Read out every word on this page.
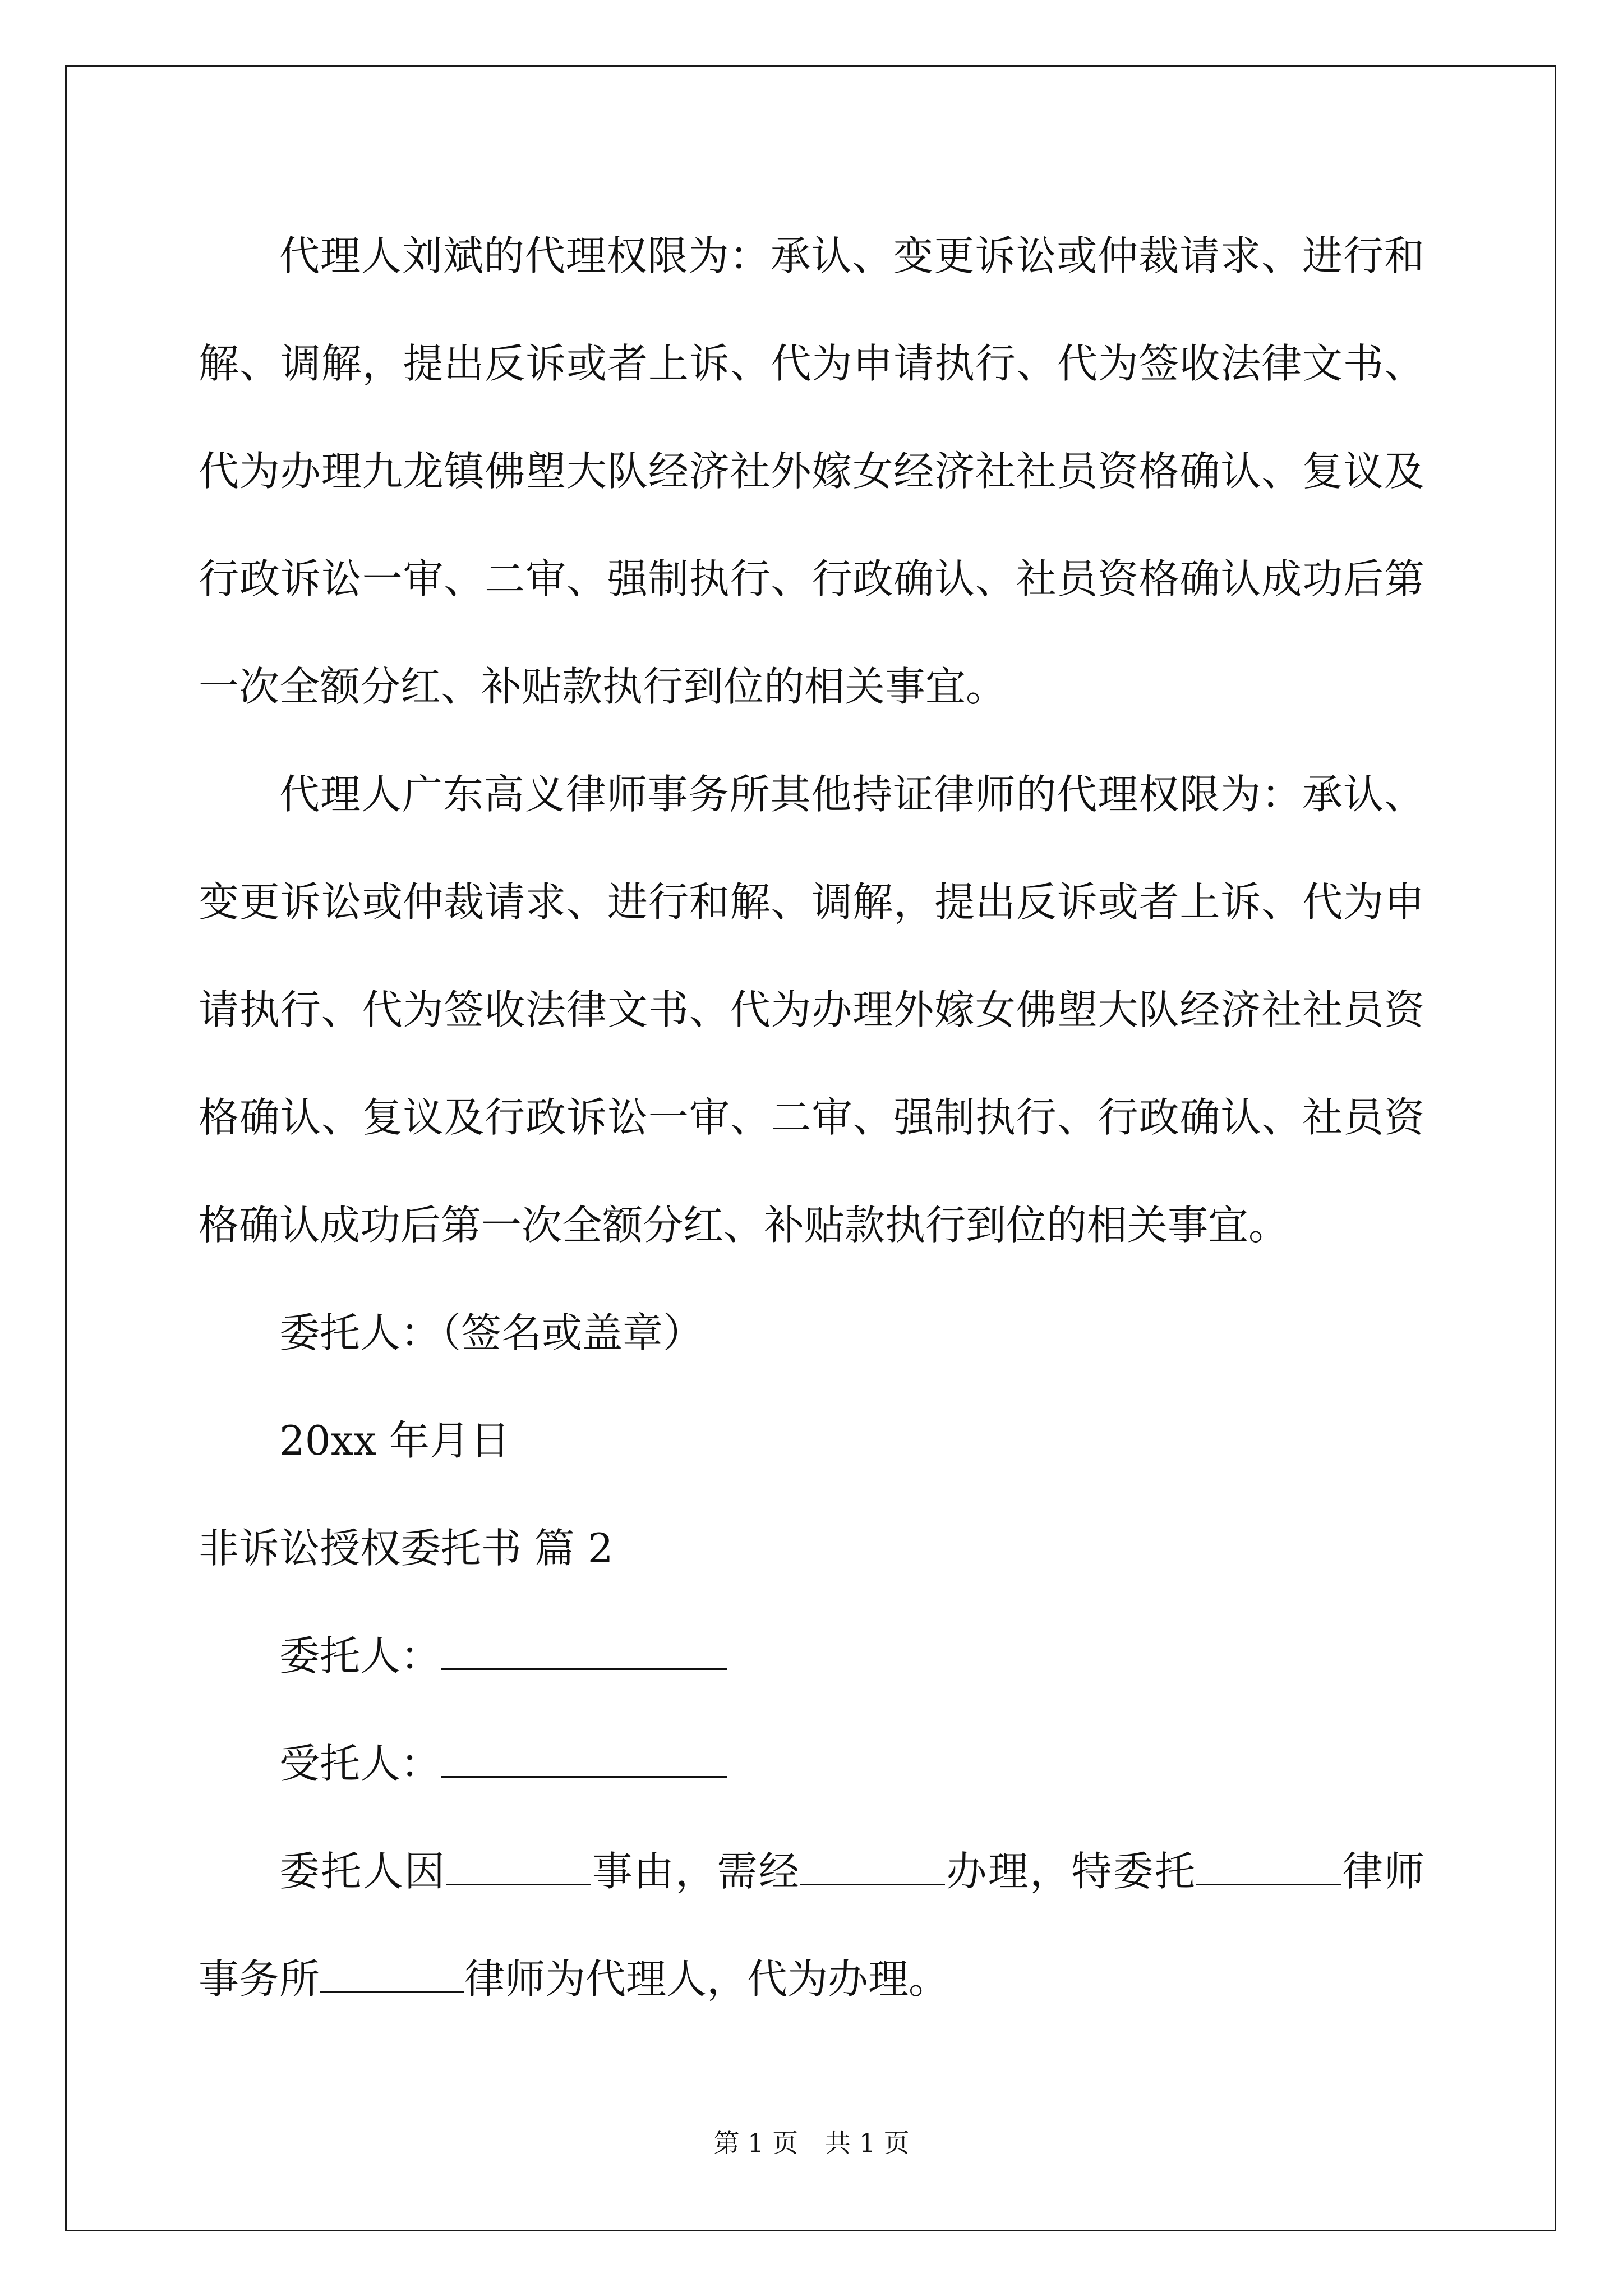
代理人刘斌的代理权限为：承认、变更诉讼或仲裁请求、进行和解、调解，提出反诉或者上诉、代为申请执行、代为签收法律文书、代为办理九龙镇佛塱大队经济社外嫁女经济社社员资格确认、复议及行政诉讼一审、二审、强制执行、行政确认、社员资格确认成功后第一次全额分红、补贴款执行到位的相关事宜。

代理人广东高义律师事务所其他持证律师的代理权限为：承认、变更诉讼或仲裁请求、进行和解、调解，提出反诉或者上诉、代为申请执行、代为签收法律文书、代为办理外嫁女佛塱大队经济社社员资格确认、复议及行政诉讼一审、二审、强制执行、行政确认、社员资格确认成功后第一次全额分红、补贴款执行到位的相关事宜。

委托人：（签名或盖章）

20xx 年月日

非诉讼授权委托书 篇 2

委托人：

受托人：

委托人因	事由，需经	办理，特委托	律师事务所	律师为代理人，代为办理。

第 1 页 共 1 页
